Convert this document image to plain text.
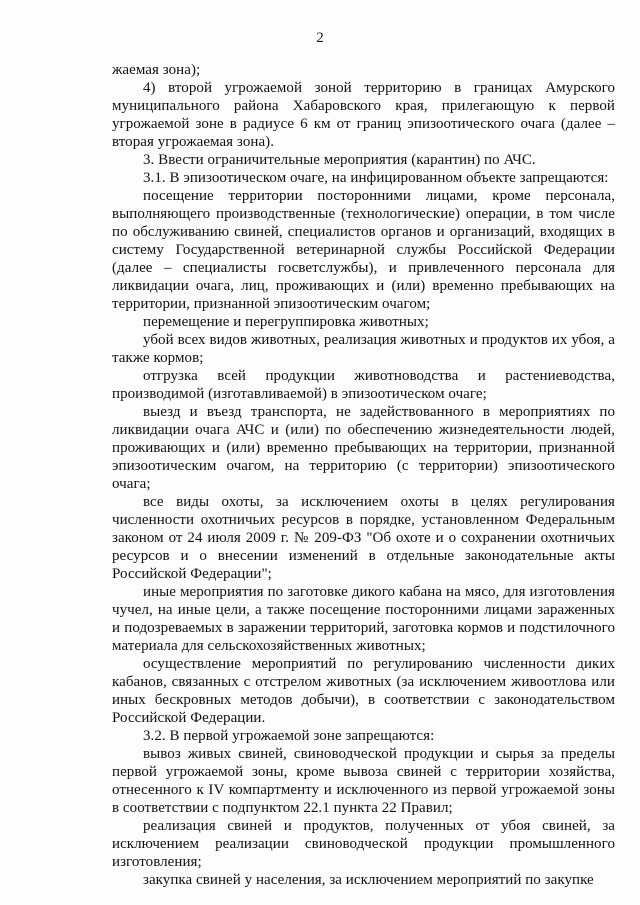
2

жаемая зона);

4) второй угрожаемой зоной территорию в границах Амурского муниципального района Хабаровского края, прилегающую к первой угрожаемой зоне в радиусе 6 км от границ эпизоотического очага (далее – вторая угрожаемая зона).

3. Ввести ограничительные мероприятия (карантин) по АЧС.

3.1. В эпизоотическом очаге, на инфицированном объекте запрещаются:

посещение территории посторонними лицами, кроме персонала, выполняющего производственные (технологические) операции, в том числе по обслуживанию свиней, специалистов органов и организаций, входящих в систему Государственной ветеринарной службы Российской Федерации (далее – специалисты госветслужбы), и привлеченного персонала для ликвидации очага, лиц, проживающих и (или) временно пребывающих на территории, признанной эпизоотическим очагом;

перемещение и перегруппировка животных;

убой всех видов животных, реализация животных и продуктов их убоя, а также кормов;

отгрузка всей продукции животноводства и растениеводства, производимой (изготавливаемой) в эпизоотическом очаге;

выезд и въезд транспорта, не задействованного в мероприятиях по ликвидации очага АЧС и (или) по обеспечению жизнедеятельности людей, проживающих и (или) временно пребывающих на территории, признанной эпизоотическим очагом, на территорию (с территории) эпизоотического очага;

все виды охоты, за исключением охоты в целях регулирования численности охотничьих ресурсов в порядке, установленном Федеральным законом от 24 июля 2009 г. № 209-ФЗ "Об охоте и о сохранении охотничьих ресурсов и о внесении изменений в отдельные законодательные акты Российской Федерации";

иные мероприятия по заготовке дикого кабана на мясо, для изготовления чучел, на иные цели, а также посещение посторонними лицами зараженных и подозреваемых в заражении территорий, заготовка кормов и подстилочного материала для сельскохозяйственных животных;

осуществление мероприятий по регулированию численности диких кабанов, связанных с отстрелом животных (за исключением живоотлова или иных бескровных методов добычи), в соответствии с законодательством Российской Федерации.

3.2. В первой угрожаемой зоне запрещаются:

вывоз живых свиней, свиноводческой продукции и сырья за пределы первой угрожаемой зоны, кроме вывоза свиней с территории хозяйства, отнесенного к IV компартменту и исключенного из первой угрожаемой зоны в соответствии с подпунктом 22.1 пункта 22 Правил;

реализация свиней и продуктов, полученных от убоя свиней, за исключением реализации свиноводческой продукции промышленного изготовления;

закупка свиней у населения, за исключением мероприятий по закупке
